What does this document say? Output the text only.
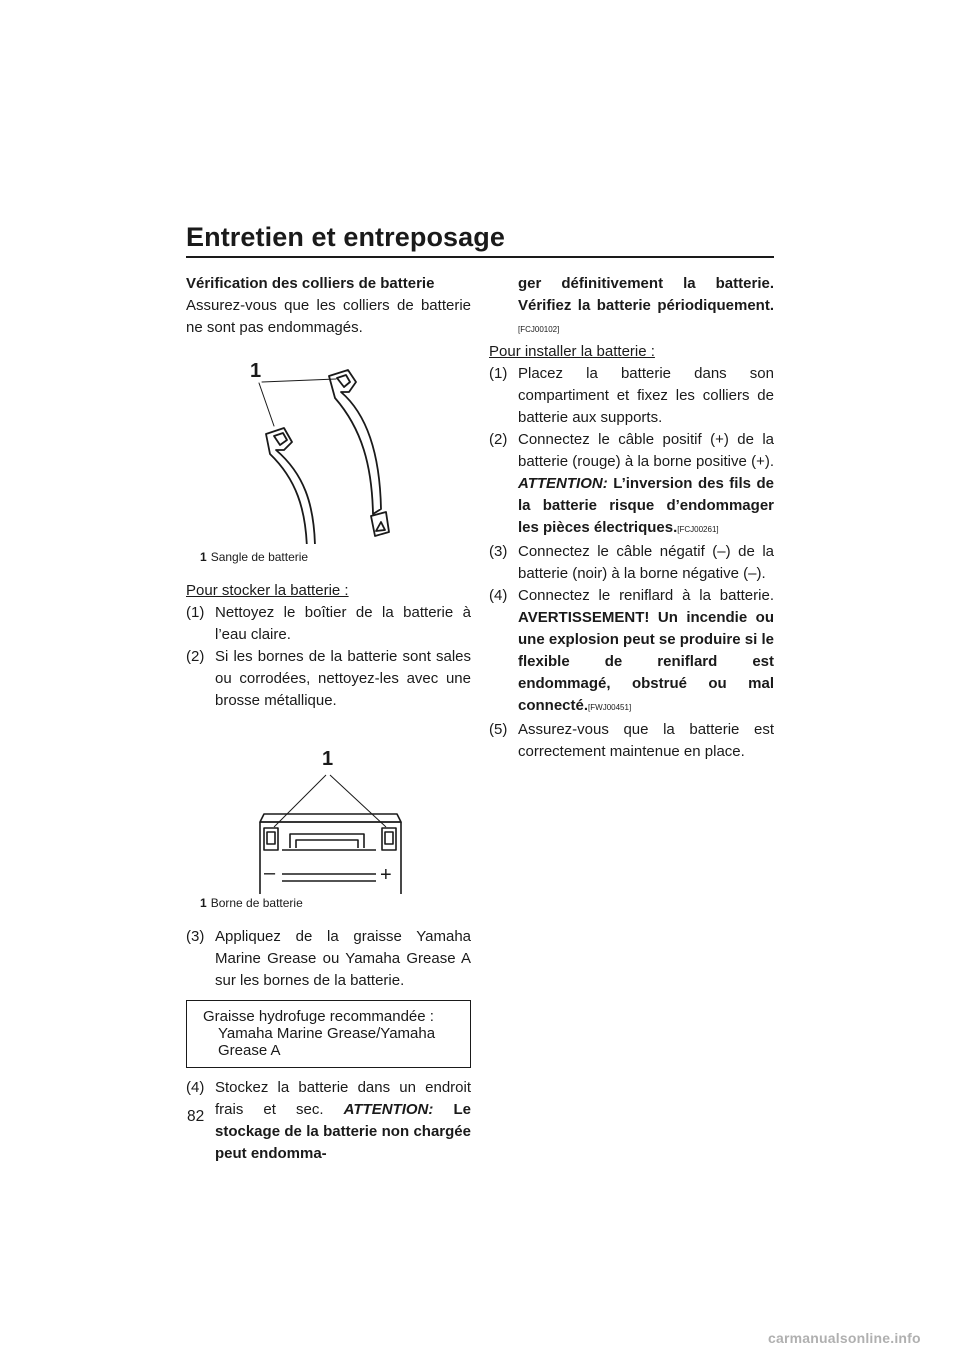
Entretien et entreposage

Vérification des colliers de batterie

Assurez-vous que les colliers de batterie ne sont pas endommagés.

1
1 Sangle de batterie

Pour stocker la batterie :

(1) Nettoyez le boîtier de la batterie à l’eau claire.

(2) Si les bornes de la batterie sont sales ou corrodées, nettoyez-les avec une brosse métallique.

1
–	+
1 Borne de batterie

(3) Appliquez de la graisse Yamaha Marine Grease ou Yamaha Grease A sur les bornes de la batterie.

Graisse hydrofuge recommandée :
Yamaha Marine Grease/Yamaha
Grease A

(4) Stockez la batterie dans un endroit frais et sec. ATTENTION: Le stockage de la batterie non chargée peut endomma-

ger définitivement la batterie. Vérifiez la batterie périodiquement.[FCJ00102]

Pour installer la batterie :

(1) Placez la batterie dans son compartiment et fixez les colliers de batterie aux supports.

(2) Connectez le câble positif (+) de la batterie (rouge) à la borne positive (+). ATTENTION: L’inversion des fils de la batterie risque d’endommager les pièces électriques.[FCJ00261]

(3) Connectez le câble négatif (–) de la batterie (noir) à la borne négative (–).

(4) Connectez le reniflard à la batterie. AVERTISSEMENT! Un incendie ou une explosion peut se produire si le flexible de reniflard est endommagé, obstrué ou mal connecté.[FWJ00451]

(5) Assurez-vous que la batterie est correctement maintenue en place.

82
carmanualsonline.info
